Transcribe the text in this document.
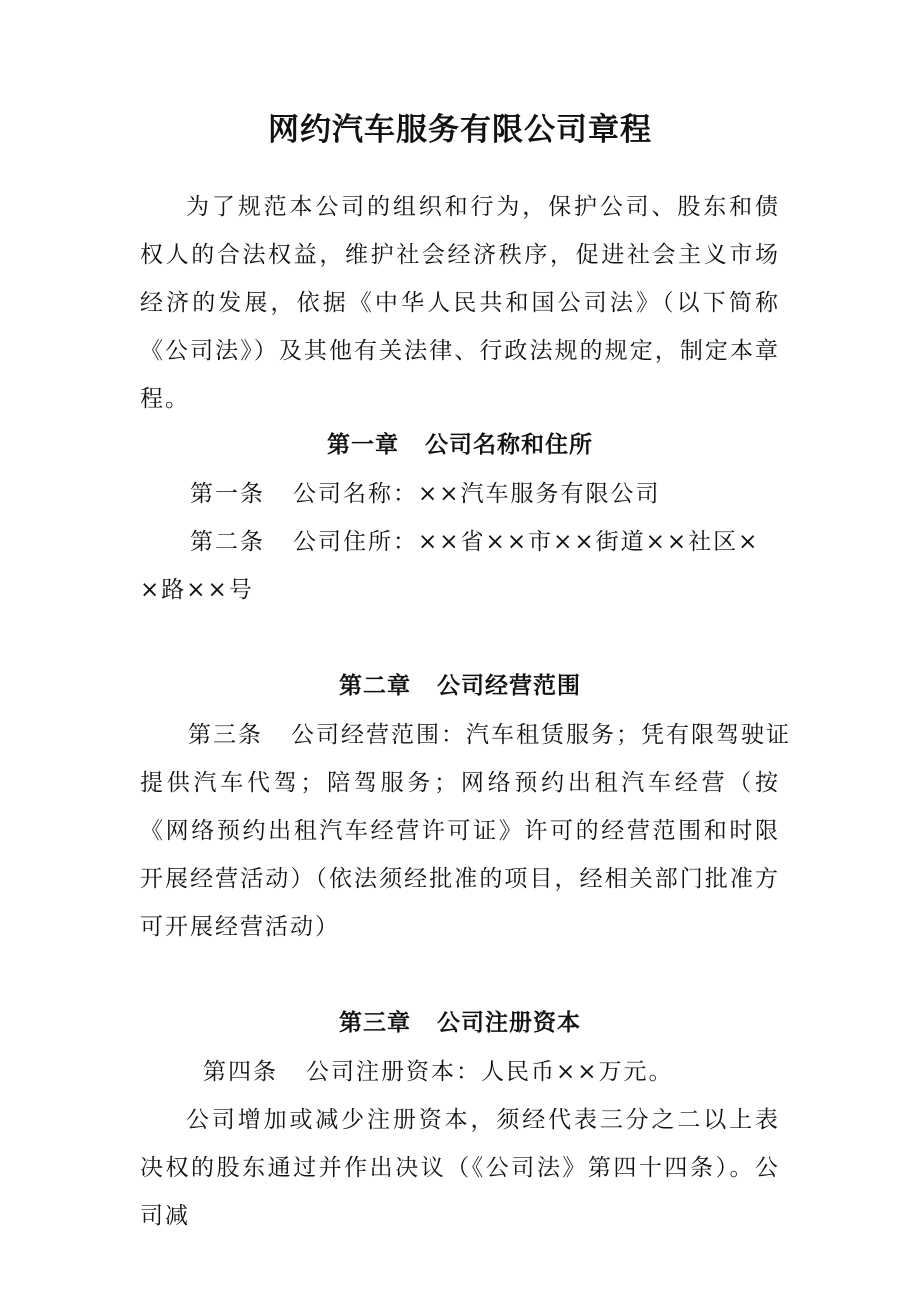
网约汽车服务有限公司章程
为了规范本公司的组织和行为，保护公司、股东和债权人的合法权益，维护社会经济秩序，促进社会主义市场经济的发展，依据《中华人民共和国公司法》（以下简称《公司法》）及其他有关法律、行政法规的规定，制定本章程。
第一章 公司名称和住所
第一条 公司名称：××汽车服务有限公司
第二条 公司住所：××省××市××街道××社区×
×路××号
第二章 公司经营范围
第三条 公司经营范围：汽车租赁服务；凭有限驾驶证
提供汽车代驾；陪驾服务；网络预约出租汽车经营（按《网络预约出租汽车经营许可证》许可的经营范围和时限开展经营活动）（依法须经批准的项目，经相关部门批准方可开展经营活动）
第三章 公司注册资本
第四条 公司注册资本：人民币××万元。
公司增加或减少注册资本，须经代表三分之二以上表决权的股东通过并作出决议（《公司法》第四十四条）。公司减
